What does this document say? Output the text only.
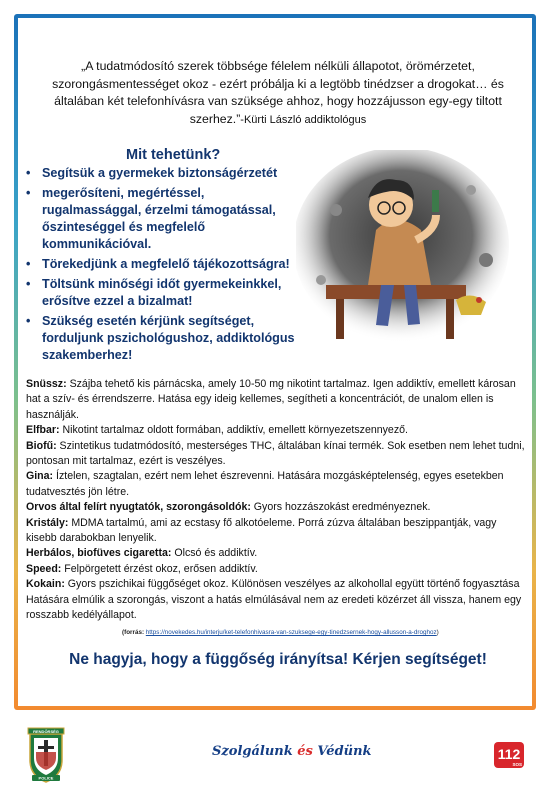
„A tudatmódosító szerek többsége félelem nélküli állapotot, örömérzetet, szorongásmentességet okoz - ezért próbálja ki a legtöbb tinédzser a drogokat… és általában két telefonhívásra van szüksége ahhoz, hogy hozzájusson egy-egy tiltott szerhez.”-Kürti László addiktológus
Mit tehetünk?
• Segítsük a gyermekek biztonságérzetét
• megerősíteni, megértéssel, rugalmassággal, érzelmi támogatással, őszinteséggel és megfelelő kommunikációval.
• Törekedjünk a megfelelő tájékozottságra!
• Töltsünk minőségi időt gyermekeinkkel, erősítve ezzel a bizalmat!
• Szükség esetén kérjünk segítséget, forduljunk pszichológushoz, addiktológus szakemberhez!

Snüssz: Szájba tehető kis párnácska, amely 10-50 mg nikotint tartalmaz. Igen addiktív, emellett károsan hat a szív- és érrendszerre. Hatása egy ideig kellemes, segítheti a koncentrációt, de unalom ellen is használják.

Elfbar: Nikotint tartalmaz oldott formában, addiktív, emellett környezetszennyező.

Biofű: Szintetikus tudatmódosító, mesterséges THC, általában kínai termék. Sok esetben nem lehet tudni, pontosan mit tartalmaz, ezért is veszélyes.

Gina: Íztelen, szagtalan, ezért nem lehet észrevenni. Hatására mozgásképtelenség, egyes esetekben tudatvesztés jön létre.

Orvos által felírt nyugtatók, szorongásoldók: Gyors hozzászokást eredményeznek.

Kristály: MDMA tartalmú, ami az ecstasy fő alkotóeleme. Porrá zúzva általában beszippantják, vagy kisebb darabokban lenyelik.

Herbálos, biofüves cigaretta: Olcsó és addiktív.

Speed: Felpörgetett érzést okoz, erősen addiktív.

Kokain: Gyors pszichikai függőséget okoz. Különösen veszélyes az alkohollal együtt történő fogyasztása Hatására elmúlik a szorongás, viszont a hatás elmúlásával nem az eredeti közérzet áll vissza, hanem egy rosszabb kedélyállapot.

(forrás: https://novekedes.hu/interju/ket-telefonhivasra-van-szuksege-egy-tinedzsernek-hogy-allusson-a-droghoz)
Ne hagyja, hogy a függőség irányítsa! Kérjen segítséget!
RENDŐRSÉG
POLICE
Szolgálunk és Védünk	112
SOS
